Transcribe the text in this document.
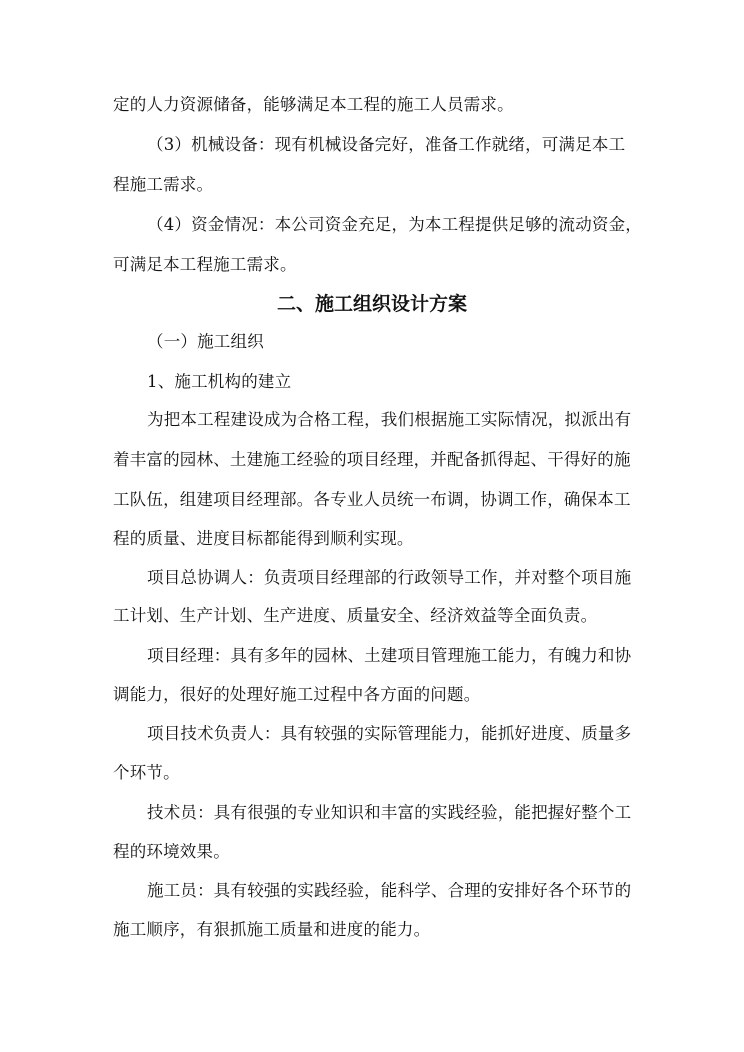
定的人力资源储备，能够满足本工程的施工人员需求。
（3）机械设备：现有机械设备完好，准备工作就绪，可满足本工
程施工需求。
（4）资金情况：本公司资金充足，为本工程提供足够的流动资金，
可满足本工程施工需求。
二、施工组织设计方案
（一）施工组织
1、施工机构的建立
为把本工程建设成为合格工程，我们根据施工实际情况，拟派出有
着丰富的园林、土建施工经验的项目经理，并配备抓得起、干得好的施
工队伍，组建项目经理部。各专业人员统一布调，协调工作，确保本工
程的质量、进度目标都能得到顺利实现。
项目总协调人：负责项目经理部的行政领导工作，并对整个项目施
工计划、生产计划、生产进度、质量安全、经济效益等全面负责。
项目经理：具有多年的园林、土建项目管理施工能力，有魄力和协
调能力，很好的处理好施工过程中各方面的问题。
项目技术负责人：具有较强的实际管理能力，能抓好进度、质量多
个环节。
技术员：具有很强的专业知识和丰富的实践经验，能把握好整个工
程的环境效果。
施工员：具有较强的实践经验，能科学、合理的安排好各个环节的
施工顺序，有狠抓施工质量和进度的能力。
